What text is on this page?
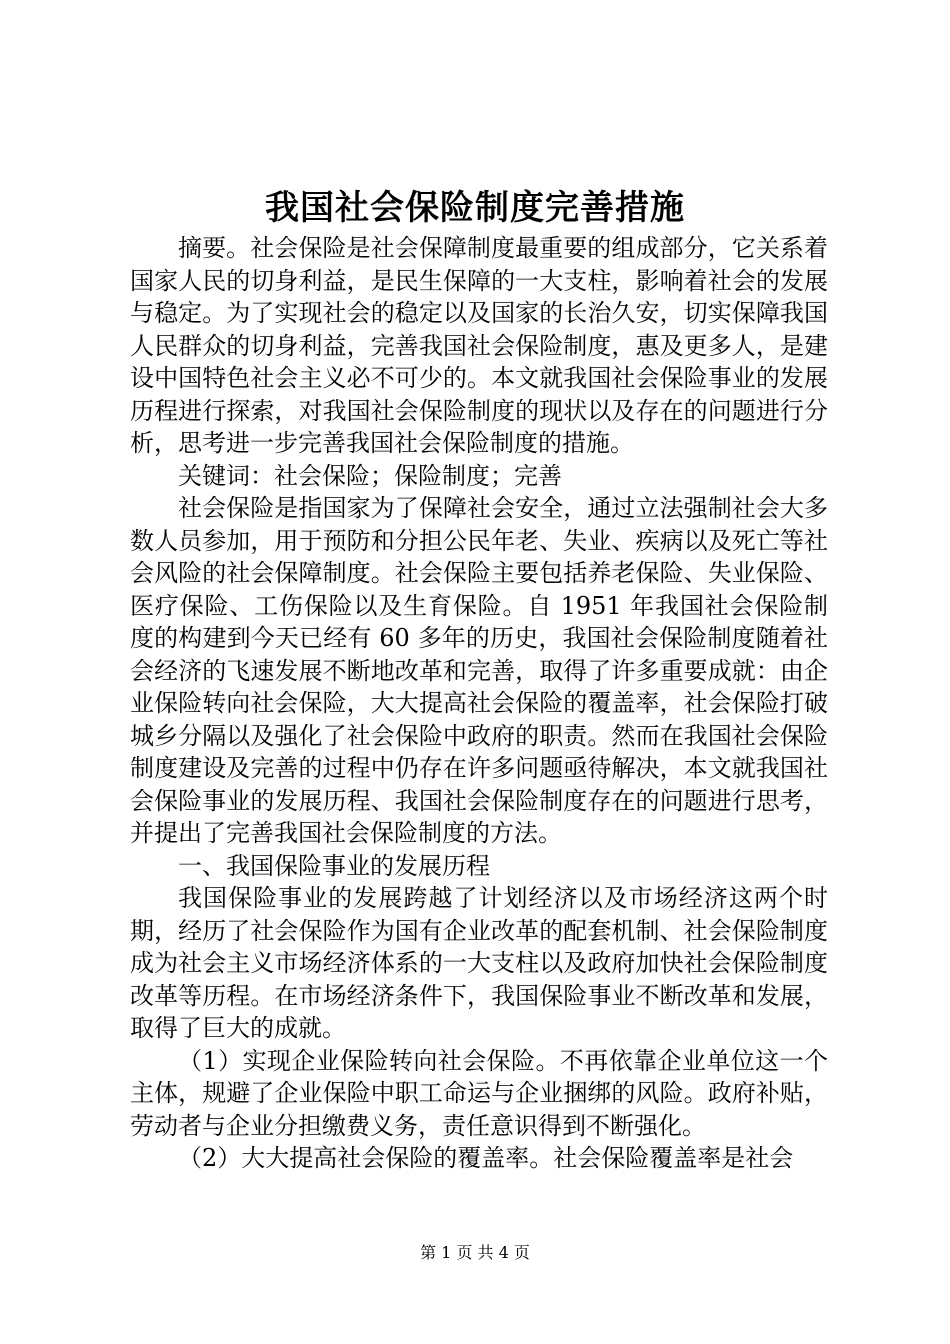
我国社会保险制度完善措施

摘要。社会保险是社会保障制度最重要的组成部分，它关系着国家人民的切身利益，是民生保障的一大支柱，影响着社会的发展与稳定。为了实现社会的稳定以及国家的长治久安，切实保障我国人民群众的切身利益，完善我国社会保险制度，惠及更多人，是建设中国特色社会主义必不可少的。本文就我国社会保险事业的发展历程进行探索，对我国社会保险制度的现状以及存在的问题进行分析，思考进一步完善我国社会保险制度的措施。

关键词：社会保险；保险制度；完善

社会保险是指国家为了保障社会安全，通过立法强制社会大多数人员参加，用于预防和分担公民年老、失业、疾病以及死亡等社会风险的社会保障制度。社会保险主要包括养老保险、失业保险、医疗保险、工伤保险以及生育保险。自 1951 年我国社会保险制度的构建到今天已经有 60 多年的历史，我国社会保险制度随着社会经济的飞速发展不断地改革和完善，取得了许多重要成就：由企业保险转向社会保险，大大提高社会保险的覆盖率，社会保险打破城乡分隔以及强化了社会保险中政府的职责。然而在我国社会保险制度建设及完善的过程中仍存在许多问题亟待解决，本文就我国社会保险事业的发展历程、我国社会保险制度存在的问题进行思考，并提出了完善我国社会保险制度的方法。

一、我国保险事业的发展历程

我国保险事业的发展跨越了计划经济以及市场经济这两个时期，经历了社会保险作为国有企业改革的配套机制、社会保险制度成为社会主义市场经济体系的一大支柱以及政府加快社会保险制度改革等历程。在市场经济条件下，我国保险事业不断改革和发展，取得了巨大的成就。

（1）实现企业保险转向社会保险。不再依靠企业单位这一个主体，规避了企业保险中职工命运与企业捆绑的风险。政府补贴，劳动者与企业分担缴费义务，责任意识得到不断强化。

（2）大大提高社会保险的覆盖率。社会保险覆盖率是社会

第 1 页 共 4 页
